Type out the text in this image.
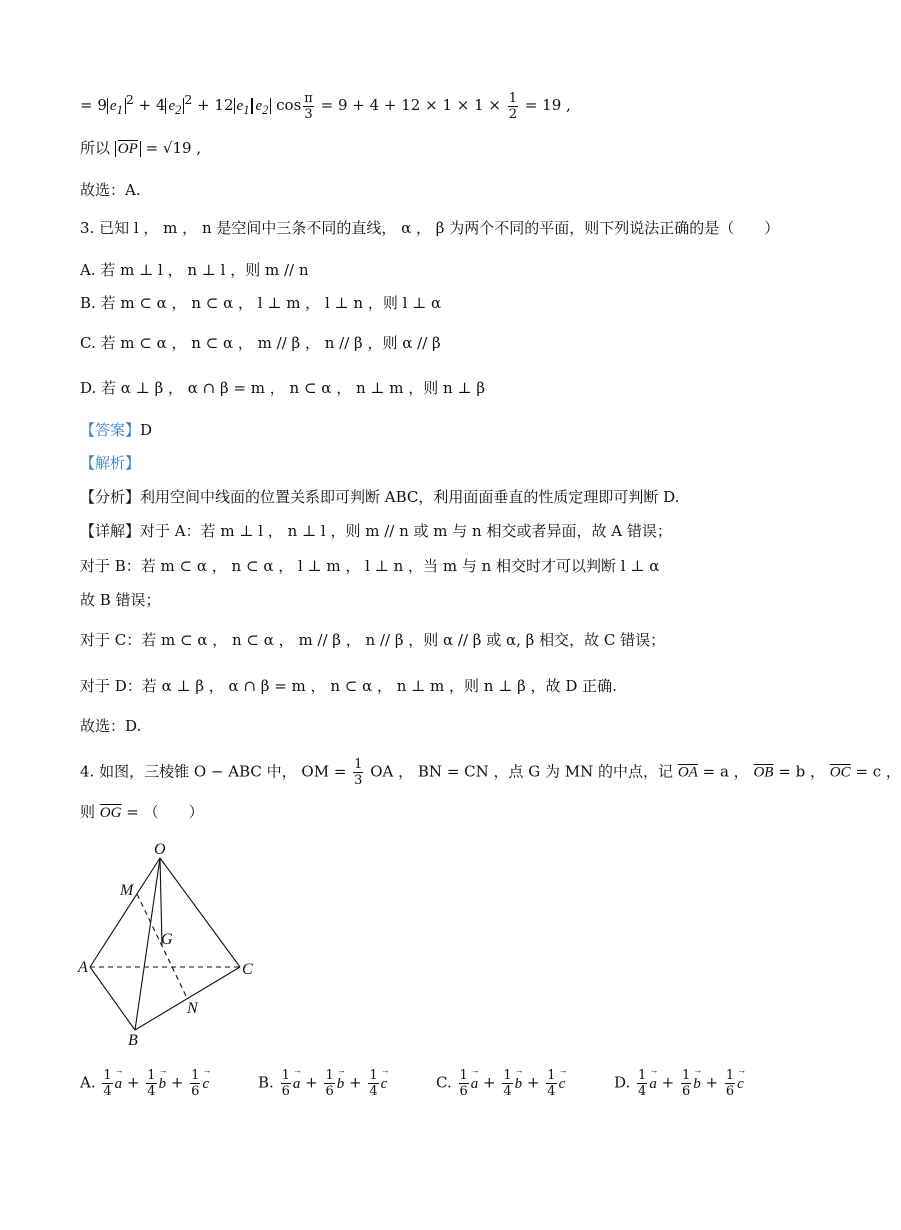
= 9 $e_1^2 + 4$ $e_2^2 + 12$ $e_1$ $e_2$ $\cos \frac{\pi}{3} = 9 + 4 + 12 \times 1 \times 1 \times \frac{1}{2} = 19$ ,
所以 $\overline{OP} = √19$ ,
故选：A.
3. 已知 l ， m ， n 是空间中三条不同的直线， α ， β 为两个不同的平面，则下列说法正确的是（　　）
A. 若 m ⊥ l ， n ⊥ l ，则 m // n
B. 若 m ⊂ α ， n ⊂ α ， l ⊥ m ， l ⊥ n ，则 l ⊥ α
C. 若 m ⊂ α ， n ⊂ α ， m // β ， n // β ，则 α // β
D. 若 α ⊥ β ， α ∩ β = m ， n ⊂ α ， n ⊥ m ，则 n ⊥ β
【答案】D
【解析】
【分析】利用空间中线面的位置关系即可判断 ABC，利用面面垂直的性质定理即可判断 D.
【详解】对于 A：若 m ⊥ l ， n ⊥ l ，则 m // n 或 m 与 n 相交或者异面，故 A 错误；
对于 B：若 m ⊂ α ， n ⊂ α ， l ⊥ m ， l ⊥ n ，当 m 与 n 相交时才可以判断 l ⊥ α
故 B 错误；
对于 C：若 m ⊂ α ， n ⊂ α ， m // β ， n // β ，则 α // β 或 α, β 相交，故 C 错误；
对于 D：若 α ⊥ β ， α ∩ β = m ， n ⊂ α ， n ⊥ m ，则 n ⊥ β ，故 D 正确.
故选：D.
4. 如图，三棱锥 O − ABC 中， OM = $\frac{1}{3}$ OA ， BN = CN ，点 G 为 MN 的中点，记 $\overline{OA} = a$ ， $\overline{OB} = b$ ， $\overline{OC} = c$ ，
则 $\overline{OG}$ = （　　）
O
M
G
A	C
N
B
A. $\frac{1}{4} \to a + \frac{1}{4} \to b + \frac{1}{6} \to c$	B. $\frac{1}{6} \to a + \frac{1}{6} \to b + \frac{1}{4} \to c$	C. $\frac{1}{6} \to a + \frac{1}{4} \to b + \frac{1}{4} \to c$	D. $\frac{1}{4} \to a + \frac{1}{6} \to b + \frac{1}{6} \to c$
